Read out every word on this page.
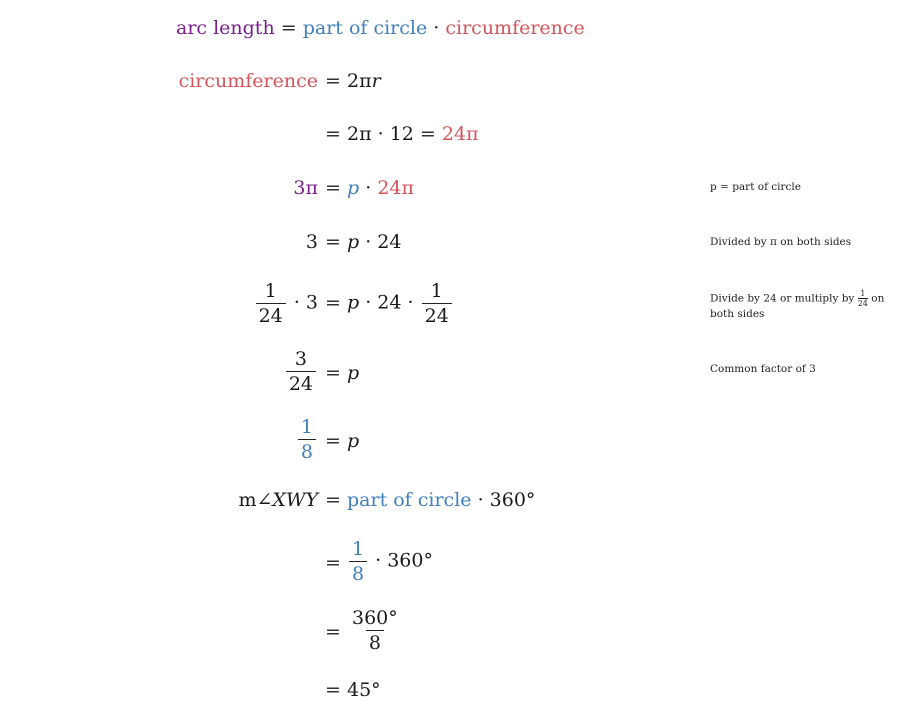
arc length = part of circle · circumference
circumference = 2πr
= 2π · 12 = 24π
3π = p · 24π	p = part of circle
3 = p · 24	Divided by π on both sides
$\frac{1}{24} \cdot 3 = p \cdot 24 \cdot \frac{1}{24}$	Divide by 24 or multiply by $\frac{1}{24}$ on both sides
$\frac{3}{24} = p$	Common factor of 3
$\frac{1}{8} = p$
m∠XWY = part of circle · 360°
= $\frac{1}{8} \cdot 360^\circ$
= $\frac{360^\circ}{8}$
= 45°
